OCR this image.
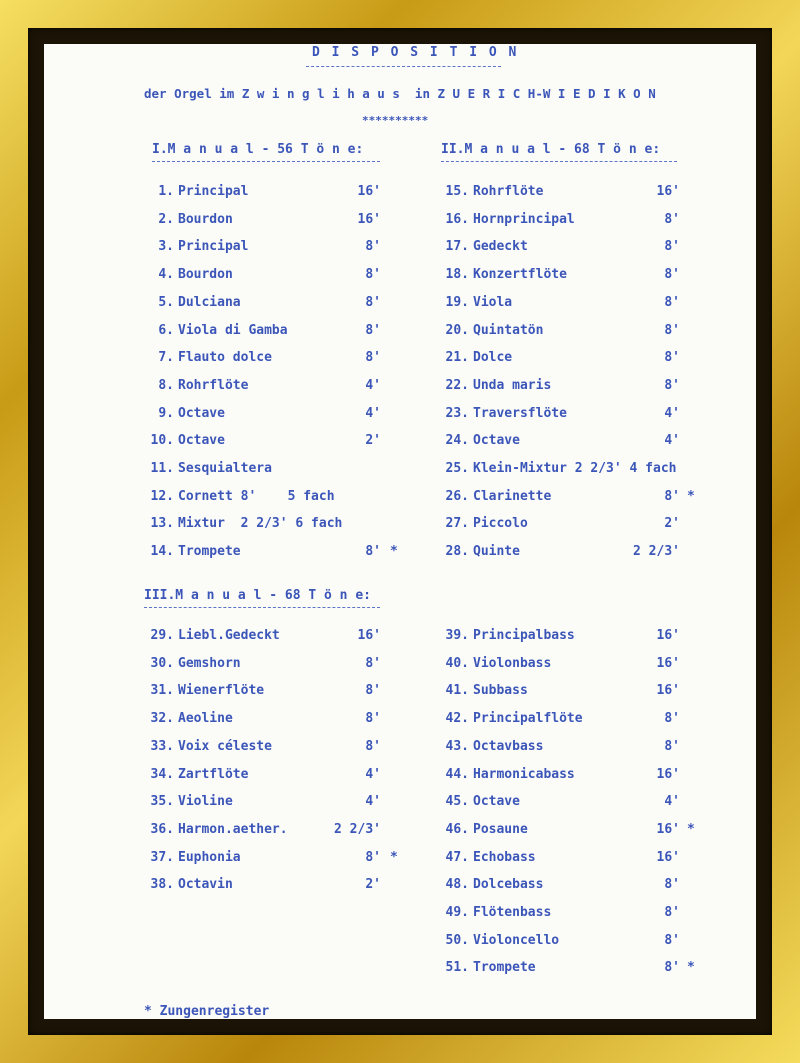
D I S P O S I T I O N
der Orgel im Z w i n g l i h a u s  in Z U E R I C H-W I E D I K O N
**********
I.M a n u a l - 56 T ö n e:
1. Principal	16'
2. Bourdon	16'
3. Principal	8'
4. Bourdon	8'
5. Dulciana	8'
6. Viola di Gamba	8'
7. Flauto dolce	8'
8. Rohrflöte	4'
9. Octave	4'
10. Octave	2'
11. Sesquialtera
12. Cornett 8'    5 fach
13. Mixtur  2 2/3' 6 fach
14. Trompete	8' *
II.M a n u a l - 68 T ö n e:
15. Rohrflöte	16'
16. Hornprincipal	8'
17. Gedeckt	8'
18. Konzertflöte	8'
19. Viola	8'
20. Quintatön	8'
21. Dolce	8'
22. Unda maris	8'
23. Traversflöte	4'
24. Octave	4'
25. Klein-Mixtur 2 2/3' 4 fach
26. Clarinette	8' *
27. Piccolo	2'
28. Quinte	2 2/3'
III.M a n u a l - 68 T ö n e:
29. Liebl.Gedeckt	16'
30. Gemshorn	8'
31. Wienerflöte	8'
32. Aeoline	8'
33. Voix céleste	8'
34. Zartflöte	4'
35. Violine	4'
36. Harmon.aether.	2 2/3'
37. Euphonia	8' *
38. Octavin	2'
39. Principalbass	16'
40. Violonbass	16'
41. Subbass	16'
42. Principalflöte	8'
43. Octavbass	8'
44. Harmonicabass	16'
45. Octave	4'
46. Posaune	16' *
47. Echobass	16'
48. Dolcebass	8'
49. Flötenbass	8'
50. Violoncello	8'
51. Trompete	8' *
* Zungenregister
